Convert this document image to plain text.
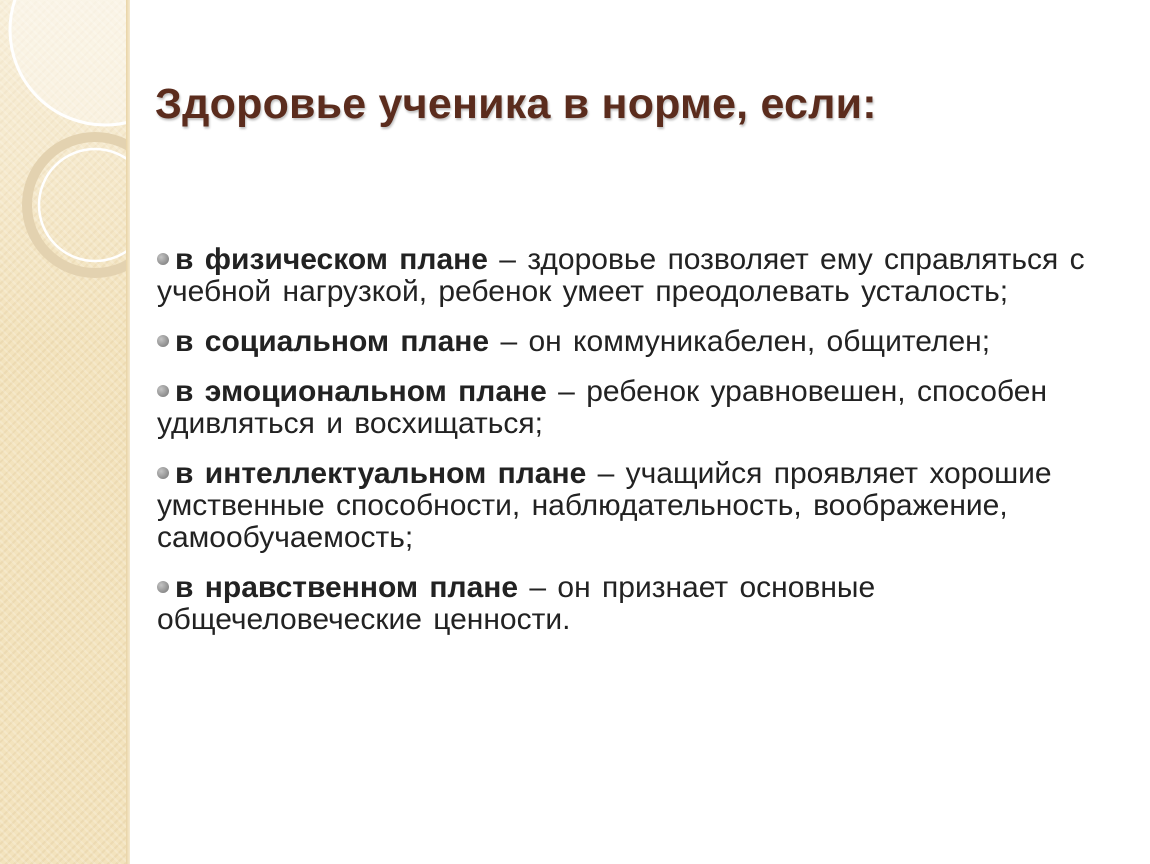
Здоровье ученика в норме, если:
в физическом плане – здоровье позволяет ему справляться с учебной нагрузкой, ребенок умеет преодолевать усталость;
в социальном плане – он коммуникабелен, общителен;
в эмоциональном плане – ребенок уравновешен, способен удивляться и восхищаться;
в интеллектуальном плане – учащийся проявляет хорошие умственные способности, наблюдательность, воображение, самообучаемость;
в нравственном плане – он признает основные общечеловеческие ценности.
